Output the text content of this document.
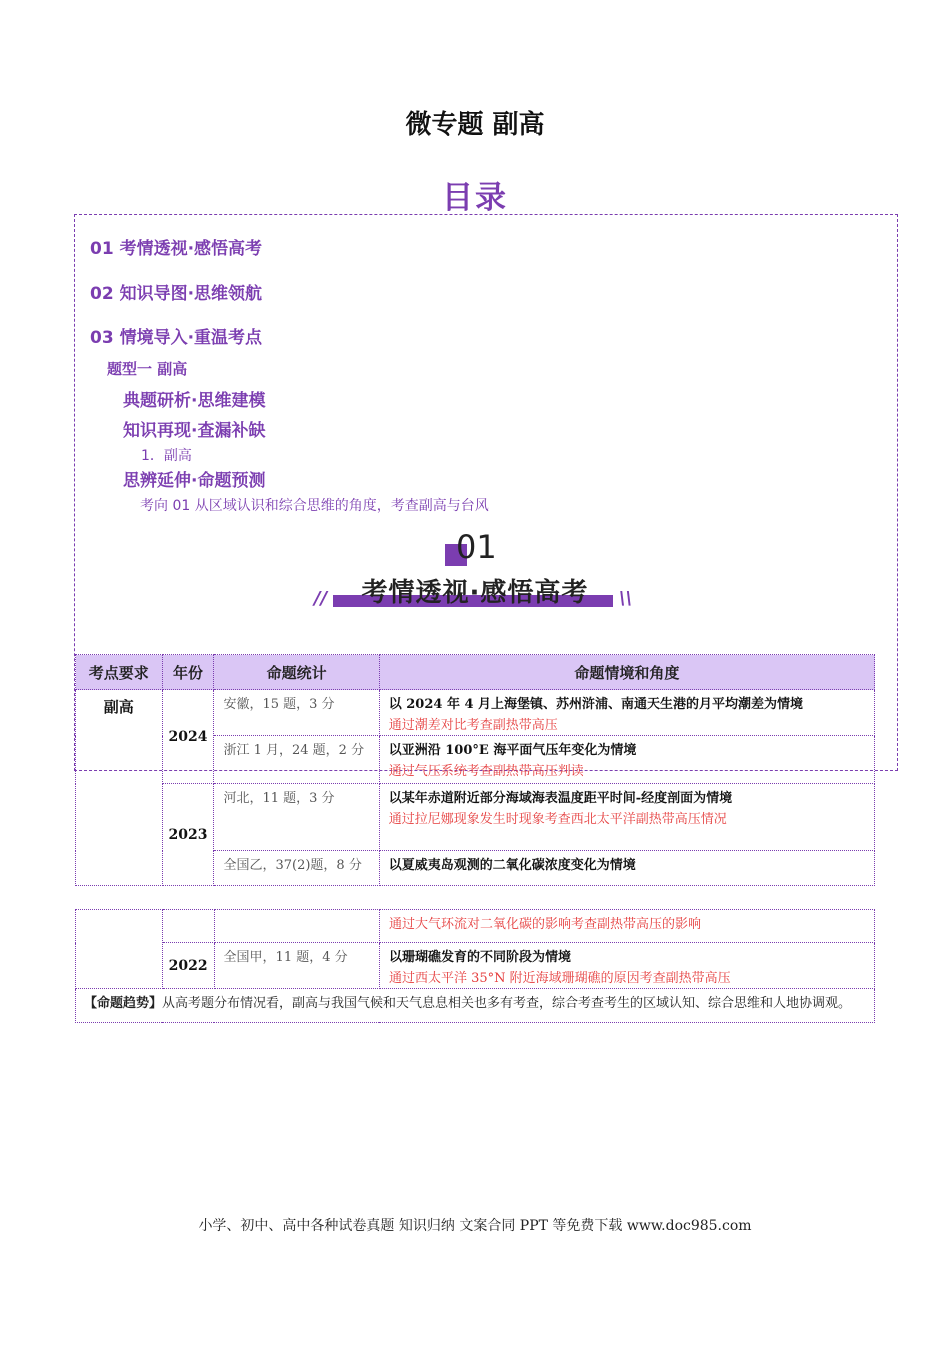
微专题 副高
目录
01 考情透视·感悟高考
02 知识导图·思维领航
03 情境导入·重温考点
题型一 副高
典题研析·思维建模
知识再现·查漏补缺
1．副高
思辨延伸·命题预测
考向 01 从区域认识和综合思维的角度，考查副高与台风
01
考情透视·感悟高考
//	\\
考点要求	年份	命题统计	命题情境和角度
副高	2024	安徽，15 题，3 分	以 2024 年 4 月上海堡镇、苏州浒浦、南通天生港的月平均潮差为情境
通过潮差对比考查副热带高压

		浙江 1 月，24 题，2 分	以亚洲沿 100°E 海平面气压年变化为情境
通过气压系统考查副热带高压判读

	2023	河北，11 题，3 分	以某年赤道附近部分海域海表温度距平时间-经度剖面为情境
通过拉尼娜现象发生时现象考查西北太平洋副热带高压情况

		全国乙，37(2)题，8 分	以夏威夷岛观测的二氧化碳浓度变化为情境

			通过大气环流对二氧化碳的影响考查副热带高压的影响

	2022	全国甲，11 题，4 分	以珊瑚礁发育的不同阶段为情境
通过西太平洋 35°N 附近海域珊瑚礁的原因考查副热带高压

【命题趋势】从高考题分布情况看，副高与我国气候和天气息息相关也多有考查，综合考查考生的区域认知、综合思维和人地协调观。			
小学、初中、高中各种试卷真题 知识归纳 文案合同 PPT 等免费下载 www.doc985.com
